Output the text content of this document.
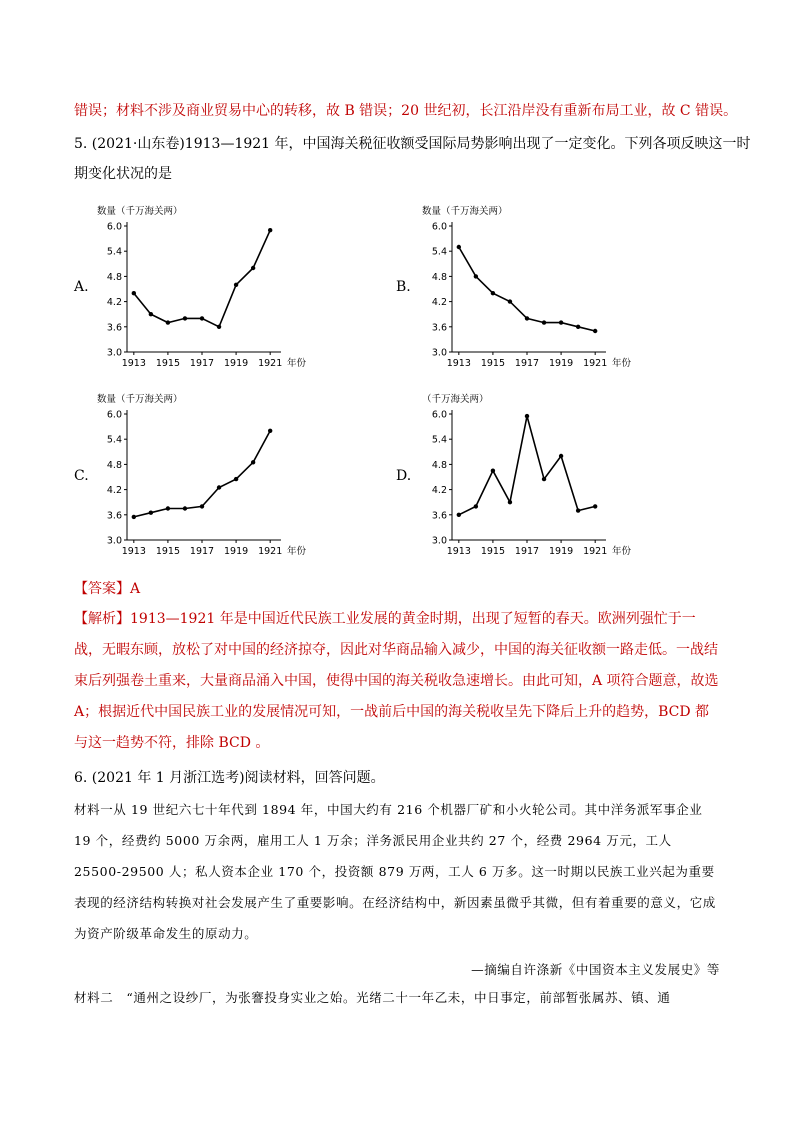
错误；材料不涉及商业贸易中心的转移，故 B 错误；20 世纪初，长江沿岸没有重新布局工业，故 C 错误。
5. (2021·山东卷)1913—1921 年，中国海关税征收额受国际局势影响出现了一定变化。下列各项反映这一时
期变化状况的是
6.0
5.4
4.8
4.2
3.6
3.0
1913 1915 1917 1919 1921
数量（千万海关两）
年份
A.
6.0
5.4
4.8
4.2
3.6
3.0
1913 1915 1917 1919 1921
数量（千万海关两）
年份
B.
6.0
5.4
4.8
4.2
3.6
3.0
1913 1915 1917 1919 1921
数量（千万海关两）
年份
C.
6.0
5.4
4.8
4.2
3.6
3.0
1913 1915 1917 1919 1921
（千万海关两）
年份
D.
【答案】A
【解析】1913—1921 年是中国近代民族工业发展的黄金时期，出现了短暂的春天。欧洲列强忙于一战，无暇东顾，放松了对中国的经济掠夺，因此对华商品输入减少，中国的海关征收额一路走低。一战结束后列强卷土重来，大量商品涌入中国，使得中国的海关税收急速增长。由此可知，A 项符合题意，故选 A；根据近代中国民族工业的发展情况可知，一战前后中国的海关税收呈先下降后上升的趋势，BCD 都与这一趋势不符，排除 BCD 。
6. (2021 年 1 月浙江选考)阅读材料，回答问题。
材料一从 19 世纪六七十年代到 1894 年，中国大约有 216 个机器厂矿和小火轮公司。其中洋务派军事企业 19 个，经费约 5000 万余两，雇用工人 1 万余；洋务派民用企业共约 27 个，经费 2964 万元，工人 25500-29500 人；私人资本企业 170 个，投资额 879 万两，工人 6 万多。这一时期以民族工业兴起为重要表现的经济结构转换对社会发展产生了重要影响。在经济结构中，新因素虽微乎其微，但有着重要的意义，它成为资产阶级革命发生的原动力。
—摘编自许涤新《中国资本主义发展史》等
材料二　“通州之设纱厂，为张謇投身实业之始。光绪二十一年乙未，中日事定，前部暂张属苏、镇、通
